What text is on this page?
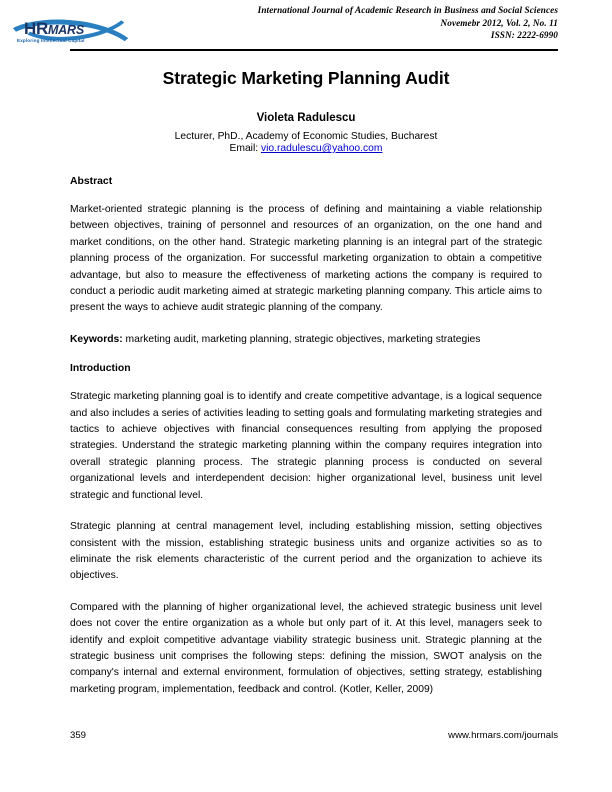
HRMARS
Exploring Intellectual Capital
International Journal of Academic Research in Business and Social Sciences
Novemebr 2012, Vol. 2, No. 11
ISSN: 2222-6990
Strategic Marketing Planning Audit
Violeta Radulescu
Lecturer, PhD., Academy of Economic Studies, Bucharest
Email: vio.radulescu@yahoo.com
Abstract

Market-oriented strategic planning is the process of defining and maintaining a viable relationship between objectives, training of personnel and resources of an organization, on the one hand and market conditions, on the other hand. Strategic marketing planning is an integral part of the strategic planning process of the organization. For successful marketing organization to obtain a competitive advantage, but also to measure the effectiveness of marketing actions the company is required to conduct a periodic audit marketing aimed at strategic marketing planning company. This article aims to present the ways to achieve audit strategic planning of the company.

Keywords: marketing audit, marketing planning, strategic objectives, marketing strategies

Introduction

Strategic marketing planning goal is to identify and create competitive advantage, is a logical sequence and also includes a series of activities leading to setting goals and formulating marketing strategies and tactics to achieve objectives with financial consequences resulting from applying the proposed strategies. Understand the strategic marketing planning within the company requires integration into overall strategic planning process. The strategic planning process is conducted on several organizational levels and interdependent decision: higher organizational level, business unit level strategic and functional level.

Strategic planning at central management level, including establishing mission, setting objectives consistent with the mission, establishing strategic business units and organize activities so as to eliminate the risk elements characteristic of the current period and the organization to achieve its objectives.

Compared with the planning of higher organizational level, the achieved strategic business unit level does not cover the entire organization as a whole but only part of it. At this level, managers seek to identify and exploit competitive advantage viability strategic business unit. Strategic planning at the strategic business unit comprises the following steps: defining the mission, SWOT analysis on the company's internal and external environment, formulation of objectives, setting strategy, establishing marketing program, implementation, feedback and control. (Kotler, Keller, 2009)

359	www.hrmars.com/journals
